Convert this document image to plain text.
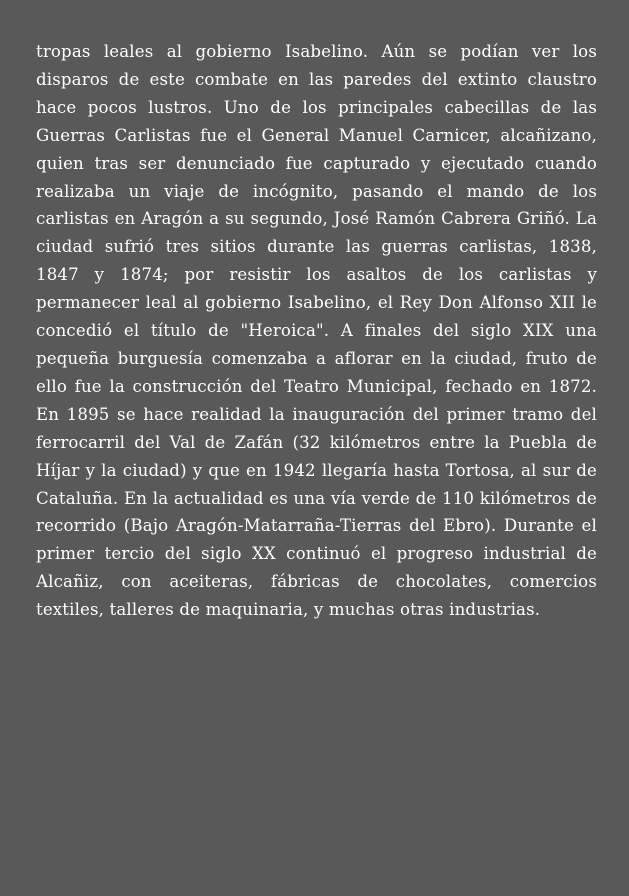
tropas leales al gobierno Isabelino. Aún se podían ver los disparos de este combate en las paredes del extinto claustro hace pocos lustros. Uno de los principales cabecillas de las Guerras Carlistas fue el General Manuel Carnicer, alcañizano, quien tras ser denunciado fue capturado y ejecutado cuando realizaba un viaje de incógnito, pasando el mando de los carlistas en Aragón a su segundo, José Ramón Cabrera Griñó. La ciudad sufrió tres sitios durante las guerras carlistas, 1838, 1847 y 1874; por resistir los asaltos de los carlistas y permanecer leal al gobierno Isabelino, el Rey Don Alfonso XII le concedió el título de "Heroica". A finales del siglo XIX una pequeña burguesía comenzaba a aflorar en la ciudad, fruto de ello fue la construcción del Teatro Municipal, fechado en 1872. En 1895 se hace realidad la inauguración del primer tramo del ferrocarril del Val de Zafán (32 kilómetros entre la Puebla de Híjar y la ciudad) y que en 1942 llegaría hasta Tortosa, al sur de Cataluña. En la actualidad es una vía verde de 110 kilómetros de recorrido (Bajo Aragón-Matarraña-Tierras del Ebro). Durante el primer tercio del siglo XX continuó el progreso industrial de Alcañiz, con aceiteras, fábricas de chocolates, comercios textiles, talleres de maquinaria, y muchas otras industrias.
